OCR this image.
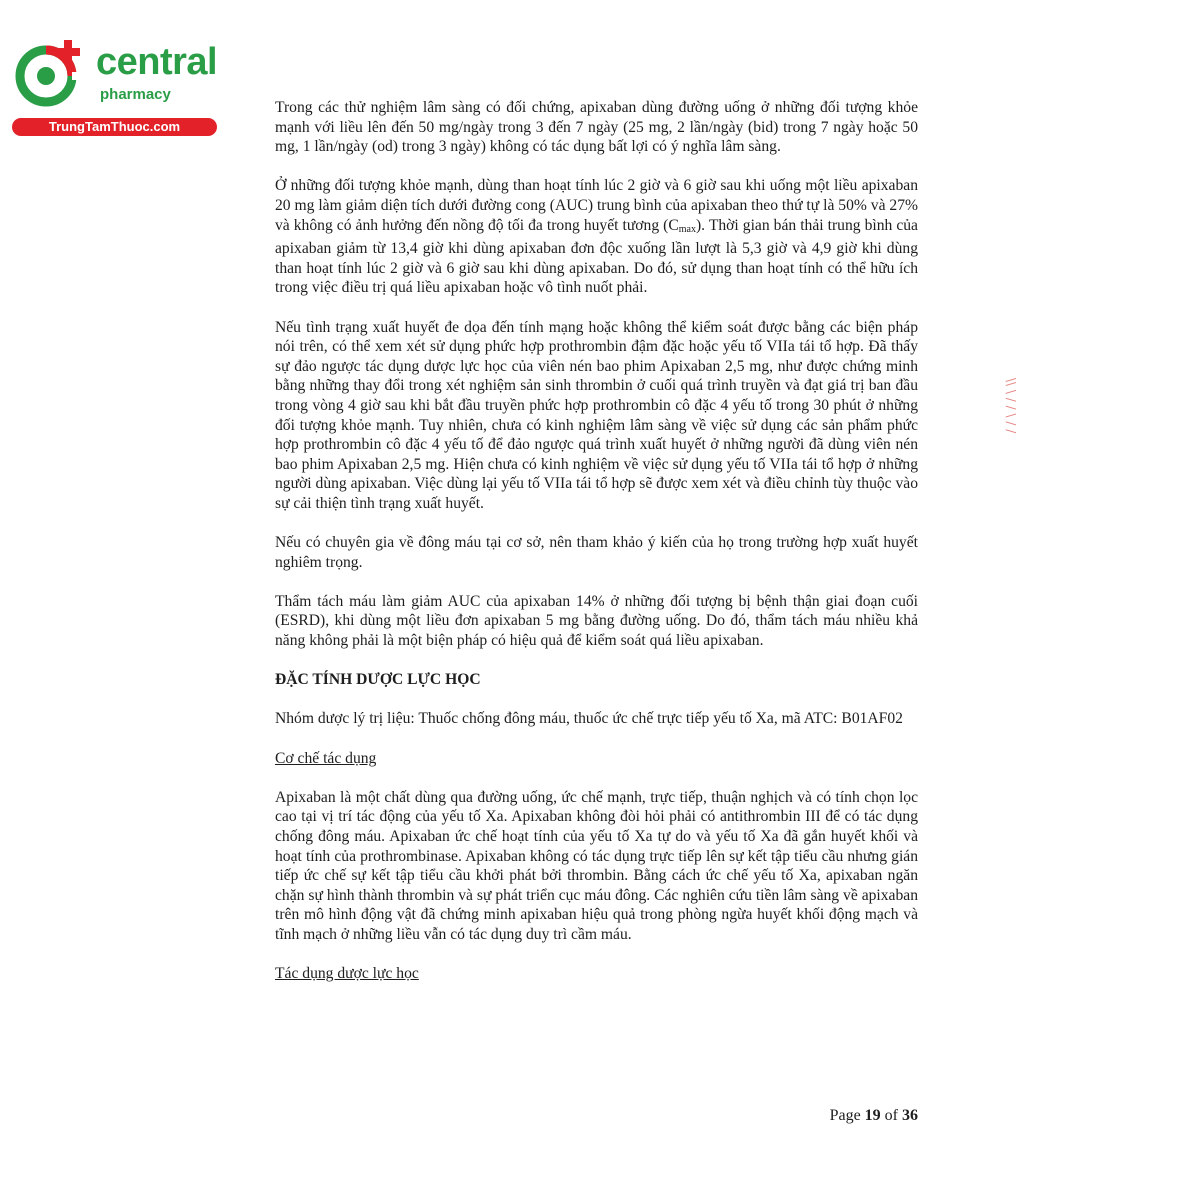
central
pharmacy
TrungTamThuoc.com

Trong các thử nghiệm lâm sàng có đối chứng, apixaban dùng đường uống ở những đối tượng khỏe mạnh với liều lên đến 50 mg/ngày trong 3 đến 7 ngày (25 mg, 2 lần/ngày (bid) trong 7 ngày hoặc 50 mg, 1 lần/ngày (od) trong 3 ngày) không có tác dụng bất lợi có ý nghĩa lâm sàng.

Ở những đối tượng khỏe mạnh, dùng than hoạt tính lúc 2 giờ và 6 giờ sau khi uống một liều apixaban 20 mg làm giảm diện tích dưới đường cong (AUC) trung bình của apixaban theo thứ tự là 50% và 27% và không có ảnh hưởng đến nồng độ tối đa trong huyết tương $(C_{max})$. Thời gian bán thải trung bình của apixaban giảm từ 13,4 giờ khi dùng apixaban đơn độc xuống lần lượt là 5,3 giờ và 4,9 giờ khi dùng than hoạt tính lúc 2 giờ và 6 giờ sau khi dùng apixaban. Do đó, sử dụng than hoạt tính có thể hữu ích trong việc điều trị quá liều apixaban hoặc vô tình nuốt phải.

Nếu tình trạng xuất huyết đe dọa đến tính mạng hoặc không thể kiểm soát được bằng các biện pháp nói trên, có thể xem xét sử dụng phức hợp prothrombin đậm đặc hoặc yếu tố VIIa tái tổ hợp. Đã thấy sự đảo ngược tác dụng dược lực học của viên nén bao phim Apixaban 2,5 mg, như được chứng minh bằng những thay đổi trong xét nghiệm sản sinh thrombin ở cuối quá trình truyền và đạt giá trị ban đầu trong vòng 4 giờ sau khi bắt đầu truyền phức hợp prothrombin cô đặc 4 yếu tố trong 30 phút ở những đối tượng khỏe mạnh. Tuy nhiên, chưa có kinh nghiệm lâm sàng về việc sử dụng các sản phẩm phức hợp prothrombin cô đặc 4 yếu tố để đảo ngược quá trình xuất huyết ở những người đã dùng viên nén bao phim Apixaban 2,5 mg. Hiện chưa có kinh nghiệm về việc sử dụng yếu tố VIIa tái tổ hợp ở những người dùng apixaban. Việc dùng lại yếu tố VIIa tái tổ hợp sẽ được xem xét và điều chỉnh tùy thuộc vào sự cải thiện tình trạng xuất huyết.

Nếu có chuyên gia về đông máu tại cơ sở, nên tham khảo ý kiến của họ trong trường hợp xuất huyết nghiêm trọng.

Thẩm tách máu làm giảm AUC của apixaban 14% ở những đối tượng bị bệnh thận giai đoạn cuối (ESRD), khi dùng một liều đơn apixaban 5 mg bằng đường uống. Do đó, thẩm tách máu nhiều khả năng không phải là một biện pháp có hiệu quả để kiểm soát quá liều apixaban.

ĐẶC TÍNH DƯỢC LỰC HỌC

Nhóm dược lý trị liệu: Thuốc chống đông máu, thuốc ức chế trực tiếp yếu tố Xa, mã ATC: B01AF02

Cơ chế tác dụng

Apixaban là một chất dùng qua đường uống, ức chế mạnh, trực tiếp, thuận nghịch và có tính chọn lọc cao tại vị trí tác động của yếu tố Xa. Apixaban không đòi hỏi phải có antithrombin III để có tác dụng chống đông máu. Apixaban ức chế hoạt tính của yếu tố Xa tự do và yếu tố Xa đã gắn huyết khối và hoạt tính của prothrombinase. Apixaban không có tác dụng trực tiếp lên sự kết tập tiểu cầu nhưng gián tiếp ức chế sự kết tập tiểu cầu khởi phát bởi thrombin. Bằng cách ức chế yếu tố Xa, apixaban ngăn chặn sự hình thành thrombin và sự phát triển cục máu đông. Các nghiên cứu tiền lâm sàng về apixaban trên mô hình động vật đã chứng minh apixaban hiệu quả trong phòng ngừa huyết khối động mạch và tĩnh mạch ở những liều vẫn có tác dụng duy trì cầm máu.

Tác dụng dược lực học
Page 19 of 36
\\ \ / / \ / /
